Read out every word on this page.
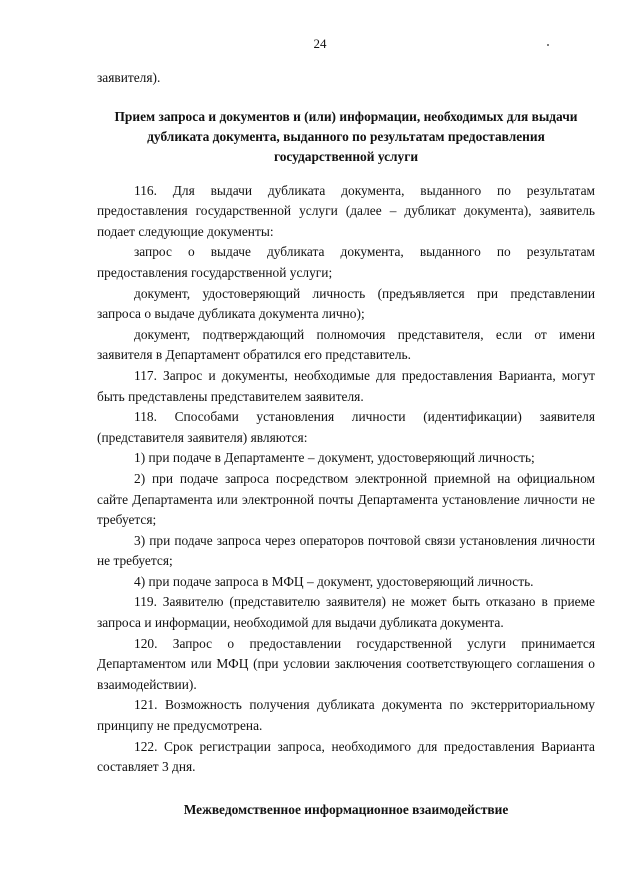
24

заявителя).

Прием запроса и документов и (или) информации, необходимых для выдачи дубликата документа, выданного по результатам предоставления государственной услуги

116. Для выдачи дубликата документа, выданного по результатам предоставления государственной услуги (далее – дубликат документа), заявитель подает следующие документы:

запрос о выдаче дубликата документа, выданного по результатам предоставления государственной услуги;

документ, удостоверяющий личность (предъявляется при представлении запроса о выдаче дубликата документа лично);

документ, подтверждающий полномочия представителя, если от имени заявителя в Департамент обратился его представитель.

117. Запрос и документы, необходимые для предоставления Варианта, могут быть представлены представителем заявителя.

118. Способами установления личности (идентификации) заявителя (представителя заявителя) являются:

1) при подаче в Департаменте – документ, удостоверяющий личность;

2) при подаче запроса посредством электронной приемной на официальном сайте Департамента или электронной почты Департамента установление личности не требуется;

3) при подаче запроса через операторов почтовой связи установления личности не требуется;

4) при подаче запроса в МФЦ – документ, удостоверяющий личность.

119. Заявителю (представителю заявителя) не может быть отказано в приеме запроса и информации, необходимой для выдачи дубликата документа.

120. Запрос о предоставлении государственной услуги принимается Департаментом или МФЦ (при условии заключения соответствующего соглашения о взаимодействии).

121. Возможность получения дубликата документа по экстерриториальному принципу не предусмотрена.

122. Срок регистрации запроса, необходимого для предоставления Варианта составляет 3 дня.

Межведомственное информационное взаимодействие
